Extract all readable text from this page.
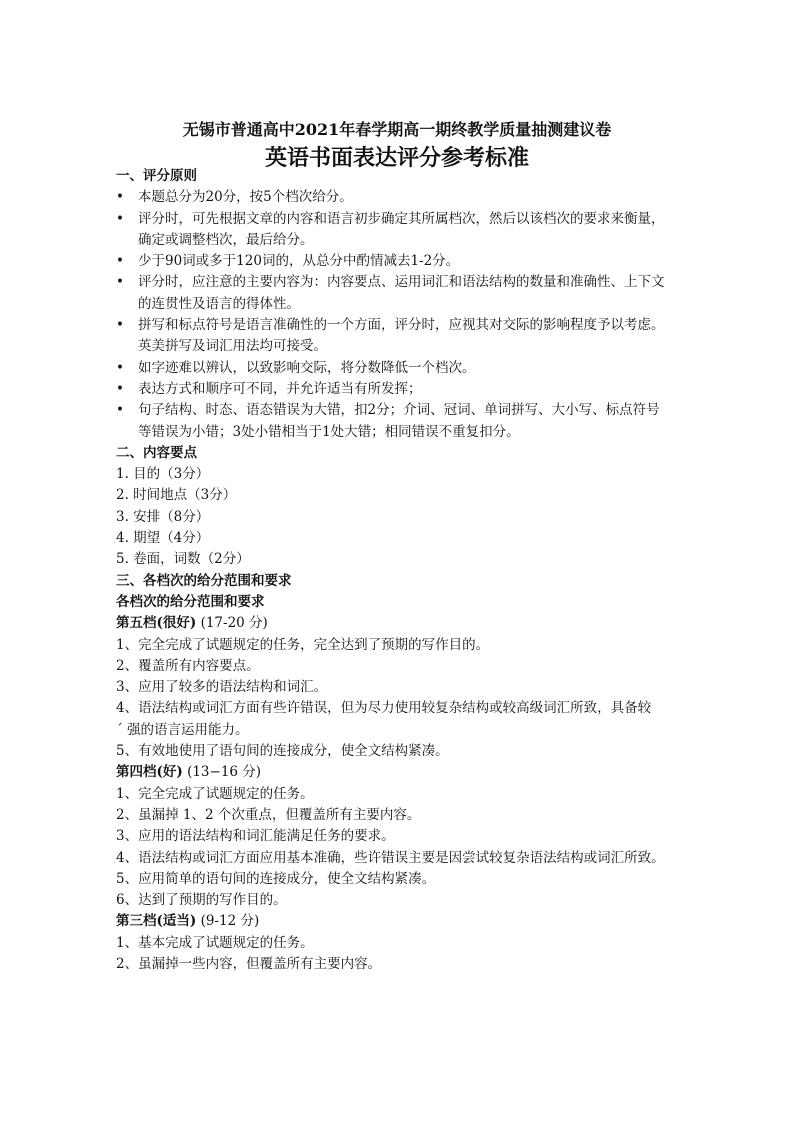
无锡市普通高中2021年春学期高一期终教学质量抽测建议卷
英语书面表达评分参考标准
一、评分原则
•	本题总分为20分，按5个档次给分。
•	评分时，可先根据文章的内容和语言初步确定其所属档次，然后以该档次的要求来衡量，
确定或调整档次，最后给分。
•	少于90词或多于120词的，从总分中酌情减去1-2分。
•	评分时，应注意的主要内容为：内容要点、运用词汇和语法结构的数量和准确性、上下文
的连贯性及语言的得体性。
•	拼写和标点符号是语言准确性的一个方面，评分时，应视其对交际的影响程度予以考虑。
英美拼写及词汇用法均可接受。
•	如字迹难以辨认，以致影响交际，将分数降低一个档次。
•	表达方式和顺序可不同，并允许适当有所发挥；
•	句子结构、时态、语态错误为大错，扣2分；介词、冠词、单词拼写、大小写、标点符号
等错误为小错；3处小错相当于1处大错；相同错误不重复扣分。
二、内容要点
1. 目的（3分）
2. 时间地点（3分）
3. 安排（8分）
4. 期望（4分）
5. 卷面，词数（2分）
三、各档次的给分范围和要求
各档次的给分范围和要求
第五档(很好) (17-20 分)
1、完全完成了试题规定的任务，完全达到了预期的写作目的。
2、覆盖所有内容要点。
3、应用了较多的语法结构和词汇。
4、语法结构或词汇方面有些许错误，但为尽力使用较复杂结构或较高级词汇所致，具备较
´ 强的语言运用能力。
5、有效地使用了语句间的连接成分，使全文结构紧凑。
第四档(好) (13−16 分)
1、完全完成了试题规定的任务。
2、虽漏掉 1、2 个次重点，但覆盖所有主要内容。
3、应用的语法结构和词汇能满足任务的要求。
4、语法结构或词汇方面应用基本准确，些许错误主要是因尝试较复杂语法结构或词汇所致。
5、应用简单的语句间的连接成分，使全文结构紧凑。
6、达到了预期的写作目的。
第三档(适当) (9-12 分)
1、基本完成了试题规定的任务。
2、虽漏掉一些内容，但覆盖所有主要内容。
